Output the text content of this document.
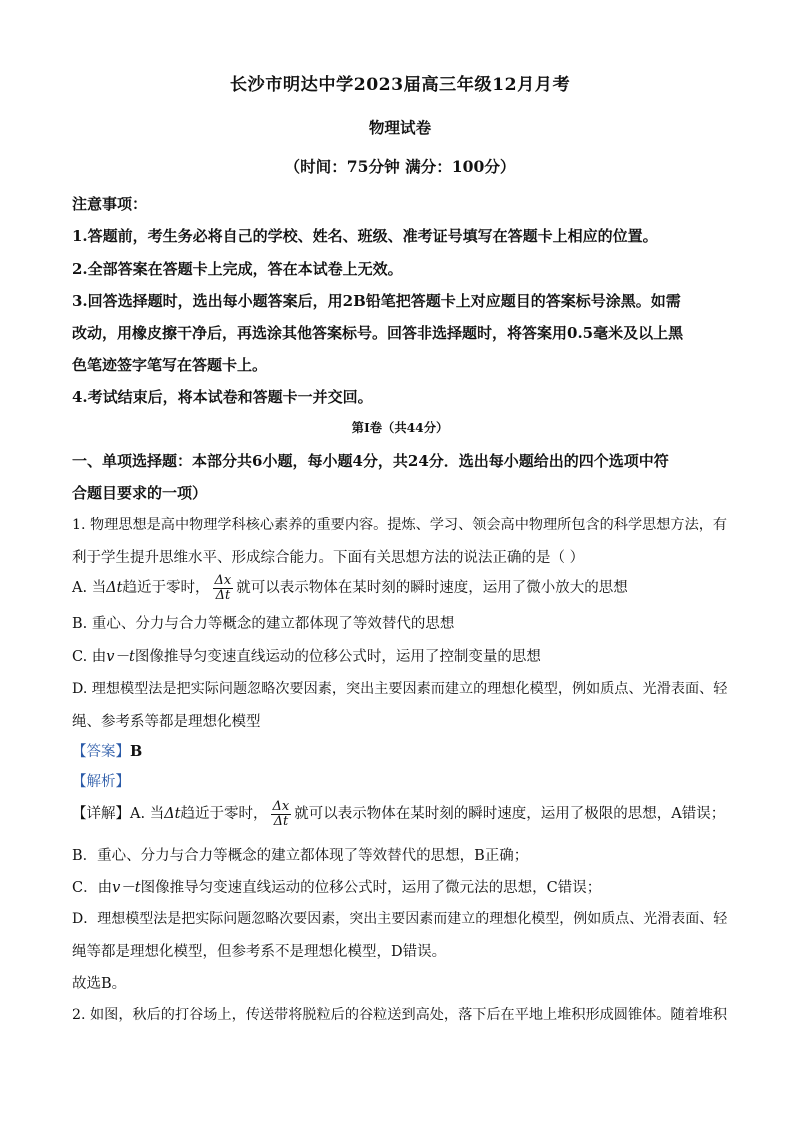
长沙市明达中学2023届高三年级12月月考
物理试卷
（时间：75分钟 满分：100分）
注意事项：
1.答题前，考生务必将自己的学校、姓名、班级、准考证号填写在答题卡上相应的位置。
2.全部答案在答题卡上完成，答在本试卷上无效。
3.回答选择题时，选出每小题答案后，用2B铅笔把答题卡上对应题目的答案标号涂黑。如需
改动，用橡皮擦干净后，再选涂其他答案标号。回答非选择题时，将答案用0.5毫米及以上黑
色笔迹签字笔写在答题卡上。
4.考试结束后，将本试卷和答题卡一并交回。
第Ⅰ卷（共44分）
一、单项选择题：本部分共6小题，每小题4分，共24分．选出每小题给出的四个选项中符
合题目要求的一项）
1. 物理思想是高中物理学科核心素养的重要内容。提炼、学习、领会高中物理所包含的科学思想方法，有
利于学生提升思维水平、形成综合能力。下面有关思想方法的说法正确的是（ ）
A. 当Δt趋近于零时， $\frac{\Delta x}{\Delta t}$ 就可以表示物体在某时刻的瞬时速度，运用了微小放大的思想
B. 重心、分力与合力等概念的建立都体现了等效替代的思想
C. 由v－t图像推导匀变速直线运动的位移公式时，运用了控制变量的思想
D. 理想模型法是把实际问题忽略次要因素，突出主要因素而建立的理想化模型，例如质点、光滑表面、轻
绳、参考系等都是理想化模型
【答案】B
【解析】
【详解】A. 当Δt趋近于零时， $\frac{\Delta x}{\Delta t}$ 就可以表示物体在某时刻的瞬时速度，运用了极限的思想，A错误；
B．重心、分力与合力等概念的建立都体现了等效替代的思想，B正确；
C．由v－t图像推导匀变速直线运动的位移公式时，运用了微元法的思想，C错误；
D．理想模型法是把实际问题忽略次要因素，突出主要因素而建立的理想化模型，例如质点、光滑表面、轻
绳等都是理想化模型，但参考系不是理想化模型，D错误。
故选B。
2. 如图，秋后的打谷场上，传送带将脱粒后的谷粒送到高处，落下后在平地上堆积形成圆锥体。随着堆积
